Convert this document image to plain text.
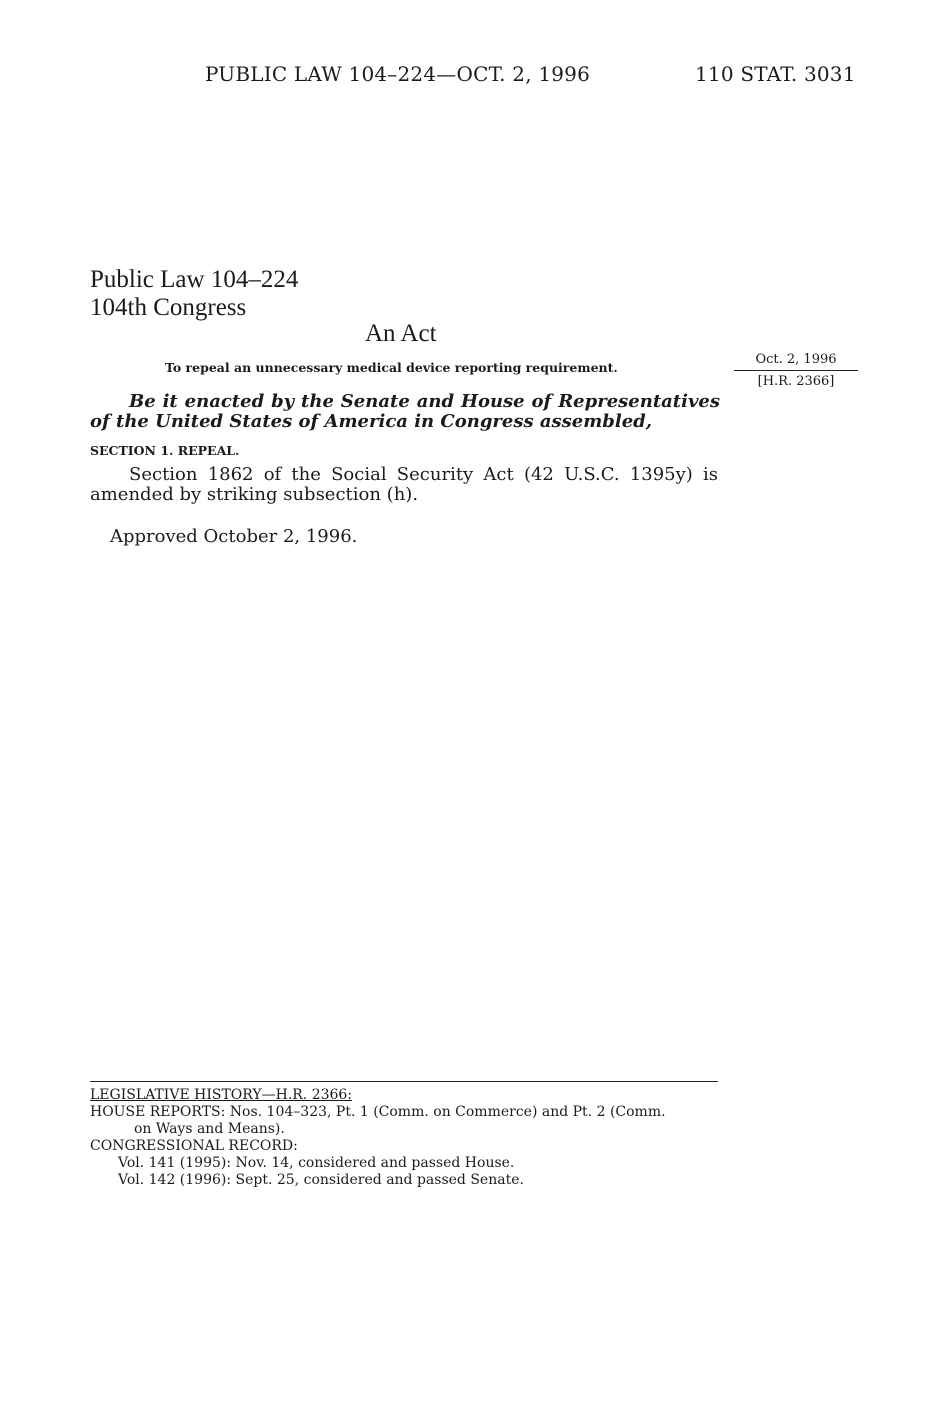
PUBLIC LAW 104–224—OCT. 2, 1996	110 STAT. 3031
Public Law 104–224
104th Congress
An Act
To repeal an unnecessary medical device reporting requirement.
Oct. 2, 1996
[H.R. 2366]
Be it enacted by the Senate and House of Representatives of the United States of America in Congress assembled,
SECTION 1. REPEAL.
Section 1862 of the Social Security Act (42 U.S.C. 1395y) is amended by striking subsection (h).
Approved October 2, 1996.
LEGISLATIVE HISTORY—H.R. 2366:
HOUSE REPORTS: Nos. 104–323, Pt. 1 (Comm. on Commerce) and Pt. 2 (Comm.
on Ways and Means).
CONGRESSIONAL RECORD:
Vol. 141 (1995): Nov. 14, considered and passed House.
Vol. 142 (1996): Sept. 25, considered and passed Senate.
